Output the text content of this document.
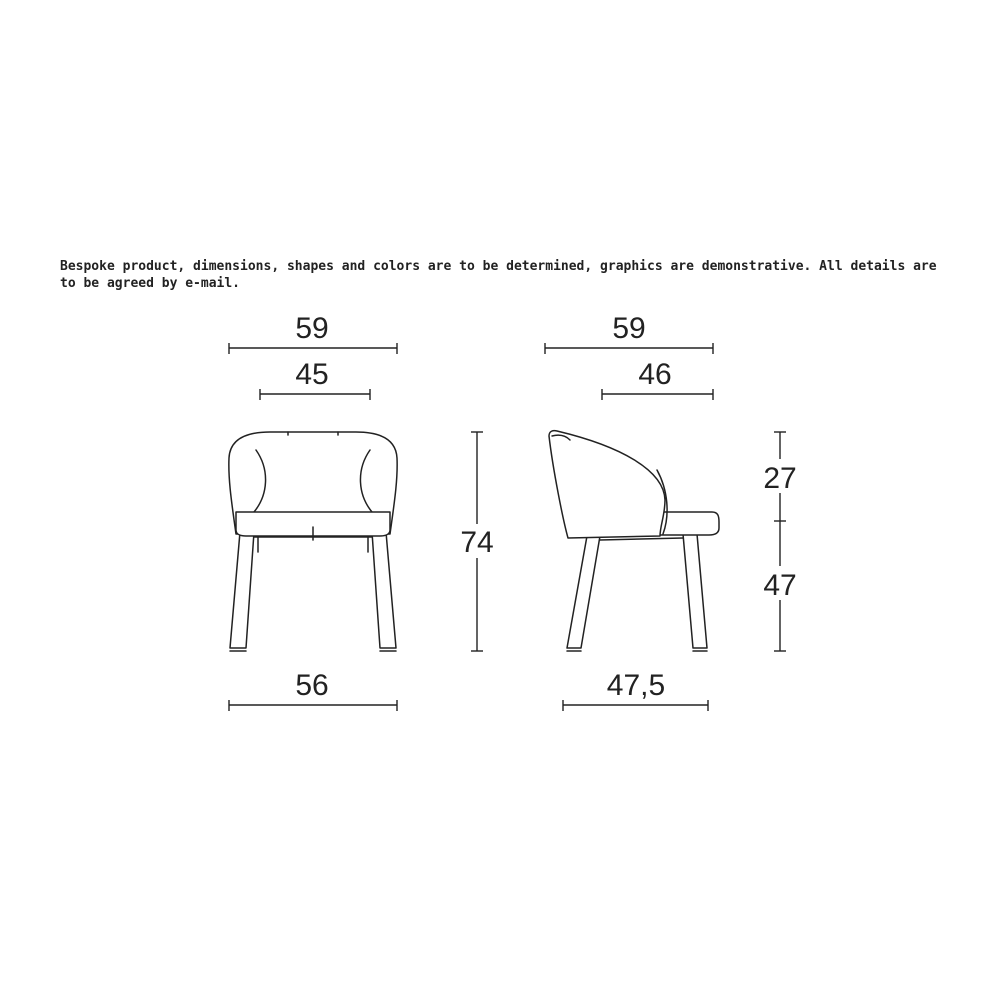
Bespoke product, dimensions, shapes and colors are to be determined, graphics are demonstrative. All details are to be agreed by e-mail.
59
45
74
56
59
46
27
47
47,5
